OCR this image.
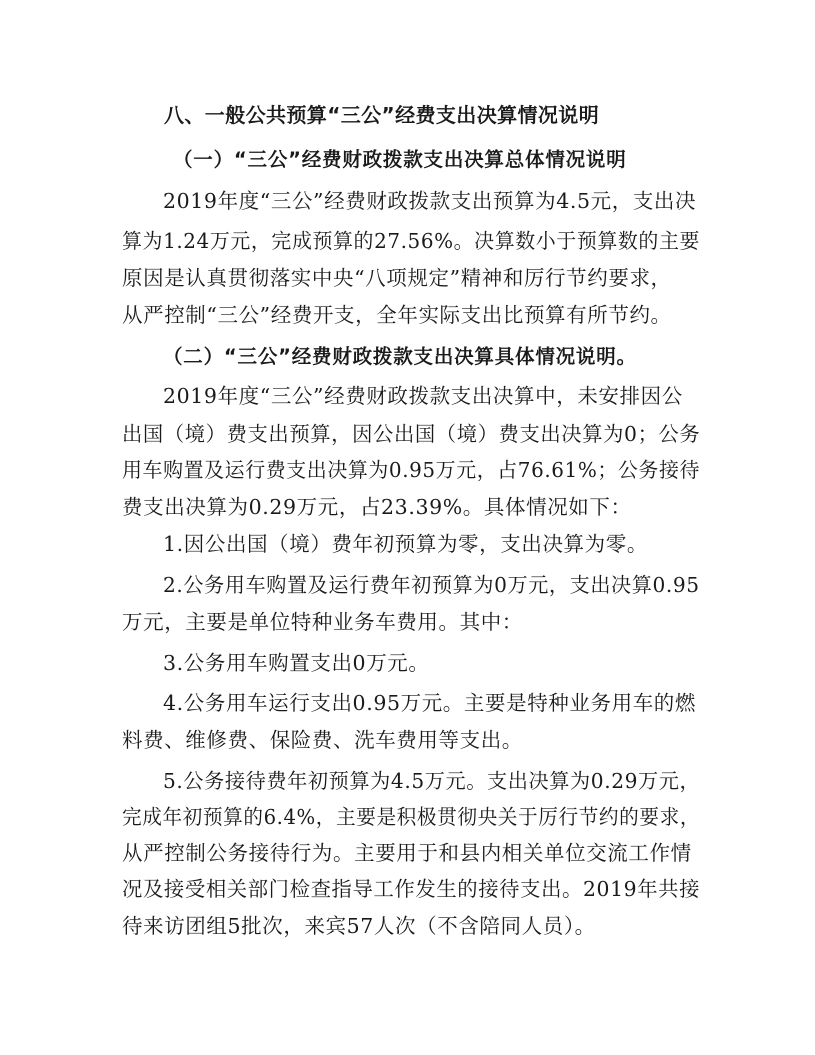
八、一般公共预算“三公”经费支出决算情况说明
（一）“三公”经费财政拨款支出决算总体情况说明
2019年度“三公”经费财政拨款支出预算为4.5元，支出决
算为1.24万元，完成预算的27.56%。决算数小于预算数的主要
原因是认真贯彻落实中央“八项规定”精神和厉行节约要求，
从严控制“三公”经费开支，全年实际支出比预算有所节约。
（二）“三公”经费财政拨款支出决算具体情况说明。
2019年度“三公”经费财政拨款支出决算中，未安排因公
出国（境）费支出预算，因公出国（境）费支出决算为0；公务
用车购置及运行费支出决算为0.95万元，占76.61%；公务接待
费支出决算为0.29万元，占23.39%。具体情况如下：
1.因公出国（境）费年初预算为零，支出决算为零。
2.公务用车购置及运行费年初预算为0万元，支出决算0.95
万元，主要是单位特种业务车费用。其中：
3.公务用车购置支出0万元。
4.公务用车运行支出0.95万元。主要是特种业务用车的燃
料费、维修费、保险费、洗车费用等支出。
5.公务接待费年初预算为4.5万元。支出决算为0.29万元，
完成年初预算的6.4%，主要是积极贯彻央关于厉行节约的要求，
从严控制公务接待行为。主要用于和县内相关单位交流工作情
况及接受相关部门检查指导工作发生的接待支出。2019年共接
待来访团组5批次，来宾57人次（不含陪同人员）。
